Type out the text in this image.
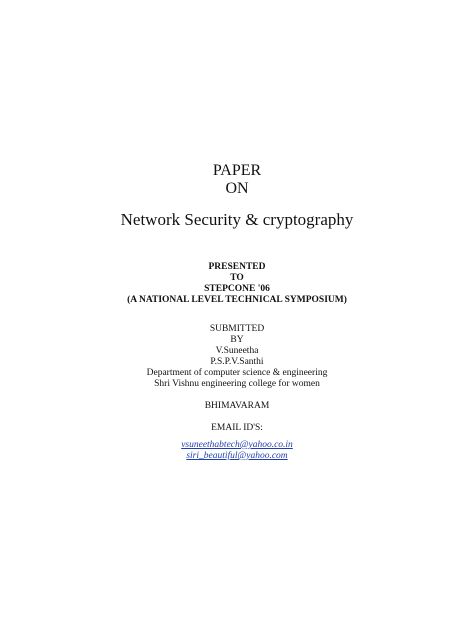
PAPER
ON
Network Security & cryptography
PRESENTED
TO
STEPCONE '06
(A NATIONAL LEVEL TECHNICAL SYMPOSIUM)
SUBMITTED
BY
V.Suneetha
P.S.P.V.Santhi
Department of computer science & engineering
Shri Vishnu engineering college for women
BHIMAVARAM
EMAIL ID'S:
vsuneethabtech@yahoo.co.in
siri_beautiful@yahoo.com
